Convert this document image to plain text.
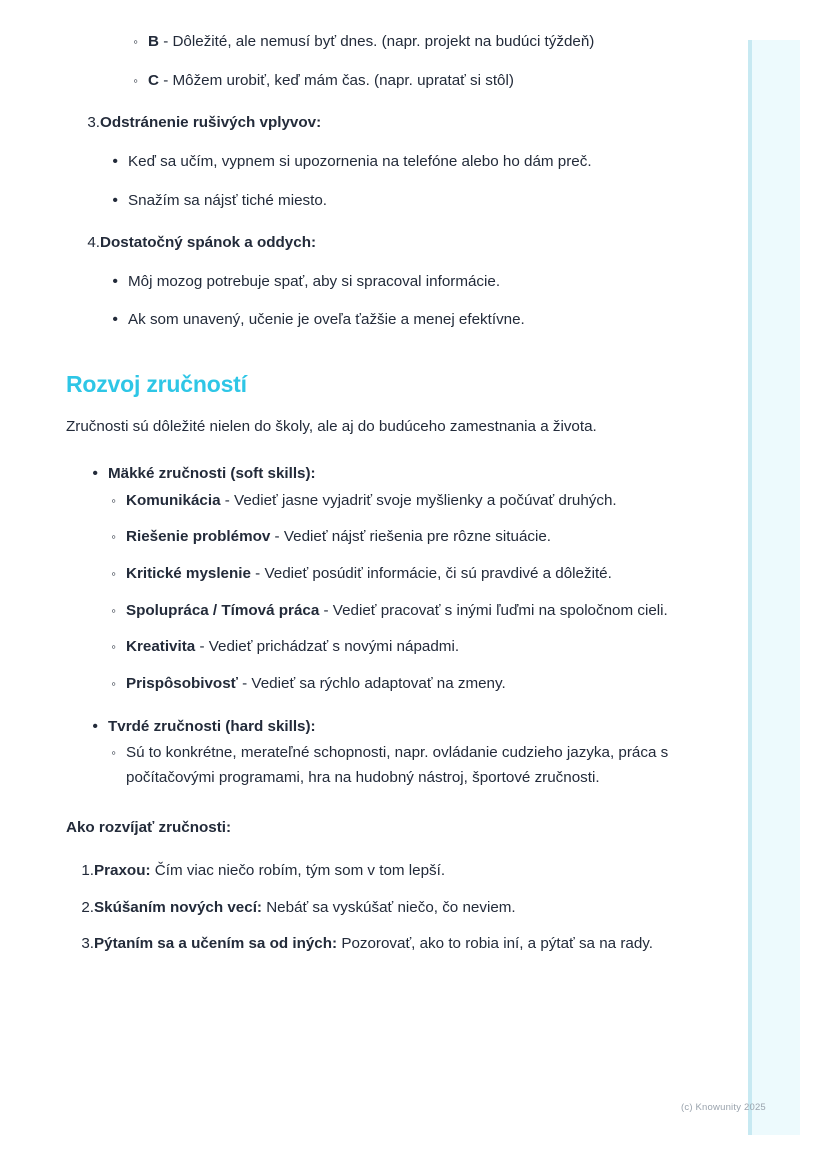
◦ B - Dôležité, ale nemusí byť dnes. (napr. projekt na budúci týždeň)
◦ C - Môžem urobiť, keď mám čas. (napr. upratať si stôl)
3. Odstránenie rušivých vplyvov:
• Keď sa učím, vypnem si upozornenia na telefóne alebo ho dám preč.
• Snažím sa nájsť tiché miesto.
4. Dostatočný spánok a oddych:
• Môj mozog potrebuje spať, aby si spracoval informácie.
• Ak som unavený, učenie je oveľa ťažšie a menej efektívne.
Rozvoj zručností

Zručnosti sú dôležité nielen do školy, ale aj do budúceho zamestnania a života.

• Mäkké zručnosti (soft skills):
◦ Komunikácia - Vedieť jasne vyjadriť svoje myšlienky a počúvať druhých.
◦ Riešenie problémov - Vedieť nájsť riešenia pre rôzne situácie.
◦ Kritické myslenie - Vedieť posúdiť informácie, či sú pravdivé a dôležité.
◦ Spolupráca / Tímová práca - Vedieť pracovať s inými ľuďmi na spoločnom cieli.
◦ Kreativita - Vedieť prichádzať s novými nápadmi.
◦ Prispôsobivosť - Vedieť sa rýchlo adaptovať na zmeny.
• Tvrdé zručnosti (hard skills):
◦ Sú to konkrétne, merateľné schopnosti, napr. ovládanie cudzieho jazyka, práca s počítačovými programami, hra na hudobný nástroj, športové zručnosti.
Ako rozvíjať zručnosti:
1. Praxou: Čím viac niečo robím, tým som v tom lepší.
2. Skúšaním nových vecí: Nebáť sa vyskúšať niečo, čo neviem.
3. Pýtaním sa a učením sa od iných: Pozorovať, ako to robia iní, a pýtať sa na rady.
(c) Knowunity 2025
